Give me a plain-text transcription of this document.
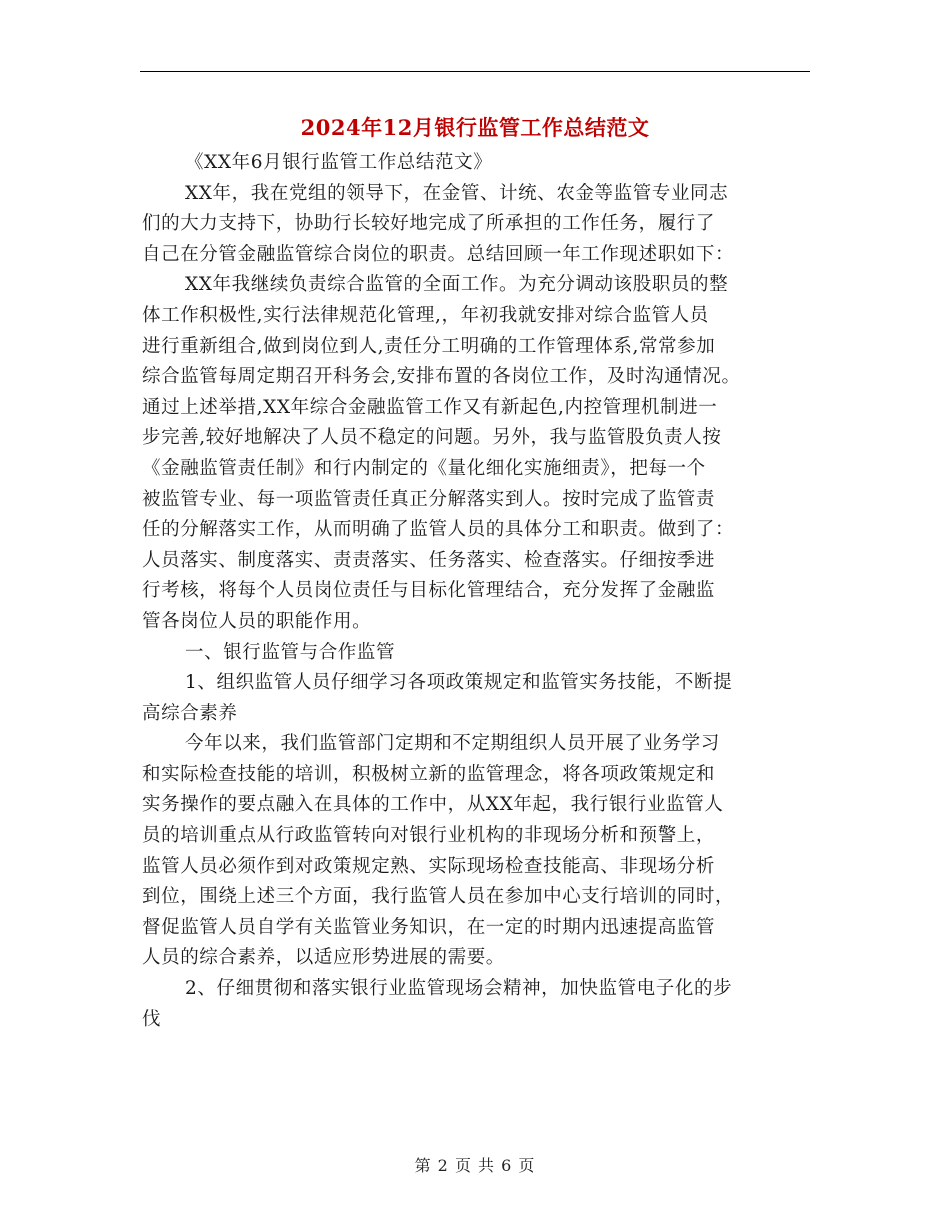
2024年12月银行监管工作总结范文
《XX年6月银行监管工作总结范文》
XX年，我在党组的领导下，在金管、计统、农金等监管专业同志
们的大力支持下，协助行长较好地完成了所承担的工作任务，履行了
自己在分管金融监管综合岗位的职责。总结回顾一年工作现述职如下：
XX年我继续负责综合监管的全面工作。为充分调动该股职员的整
体工作积极性,实行法律规范化管理,，年初我就安排对综合监管人员
进行重新组合,做到岗位到人,责任分工明确的工作管理体系,常常参加
综合监管每周定期召开科务会,安排布置的各岗位工作，及时沟通情况。
通过上述举措,XX年综合金融监管工作又有新起色,内控管理机制进一
步完善,较好地解决了人员不稳定的问题。另外，我与监管股负责人按
《金融监管责任制》和行内制定的《量化细化实施细责》，把每一个
被监管专业、每一项监管责任真正分解落实到人。按时完成了监管责
任的分解落实工作，从而明确了监管人员的具体分工和职责。做到了：
人员落实、制度落实、责责落实、任务落实、检查落实。仔细按季进
行考核，将每个人员岗位责任与目标化管理结合，充分发挥了金融监
管各岗位人员的职能作用。
一、银行监管与合作监管
1、组织监管人员仔细学习各项政策规定和监管实务技能，不断提
高综合素养
今年以来，我们监管部门定期和不定期组织人员开展了业务学习
和实际检查技能的培训，积极树立新的监管理念，将各项政策规定和
实务操作的要点融入在具体的工作中，从XX年起，我行银行业监管人
员的培训重点从行政监管转向对银行业机构的非现场分析和预警上，
监管人员必须作到对政策规定熟、实际现场检查技能高、非现场分析
到位，围绕上述三个方面，我行监管人员在参加中心支行培训的同时，
督促监管人员自学有关监管业务知识，在一定的时期内迅速提高监管
人员的综合素养，以适应形势进展的需要。
2、仔细贯彻和落实银行业监管现场会精神，加快监管电子化的步
伐
第 2 页 共 6 页
